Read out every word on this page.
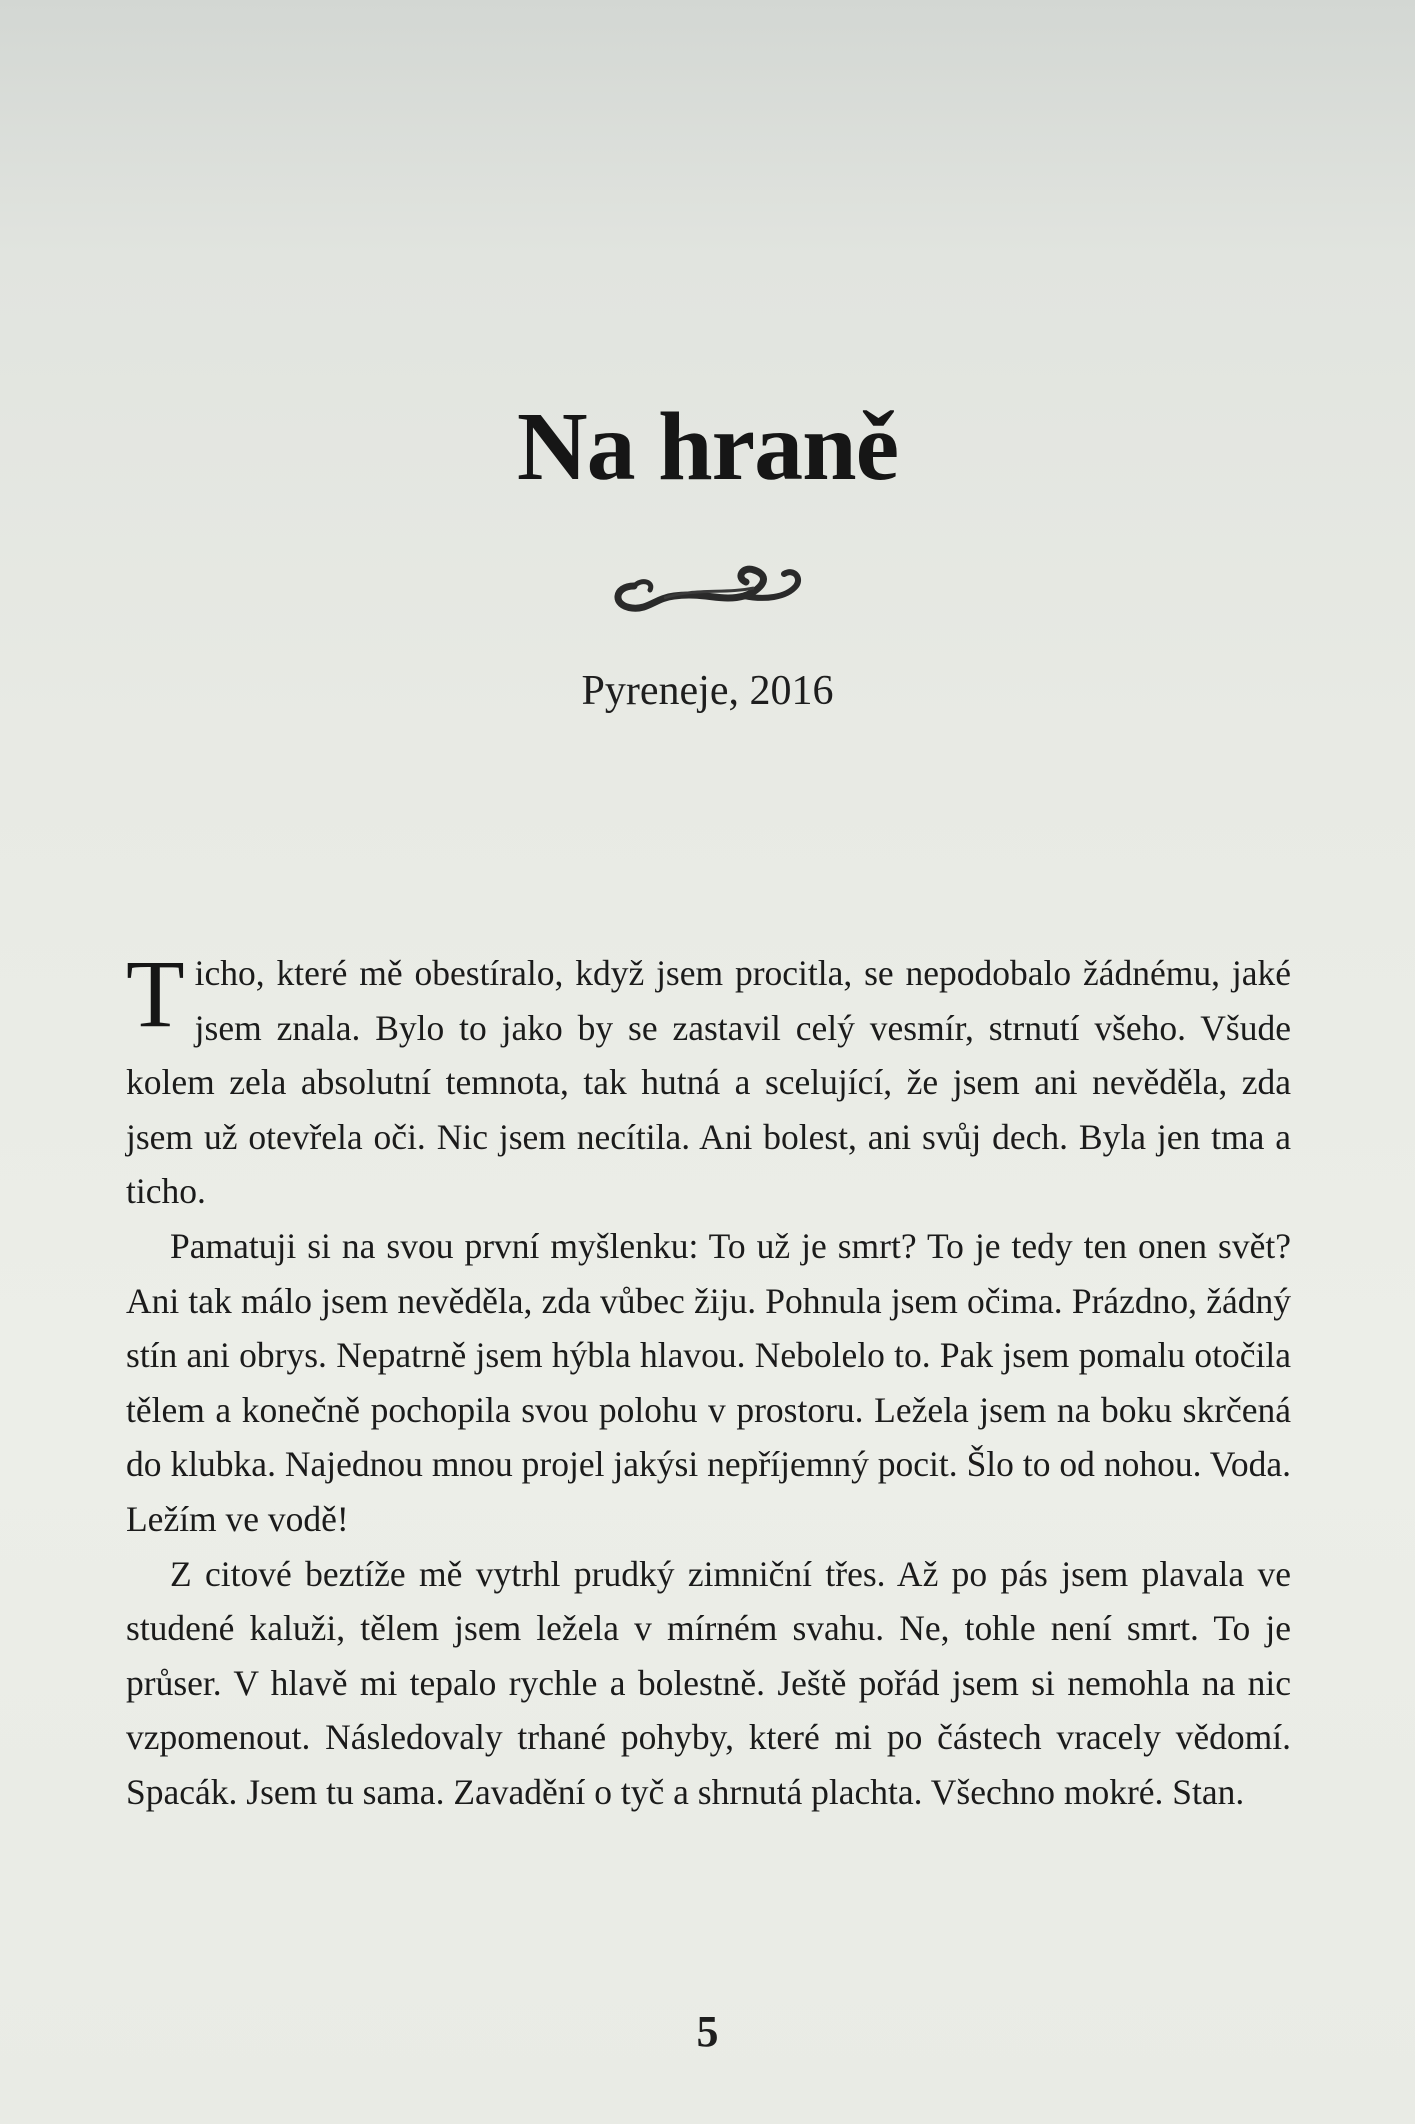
Na hraně
Pyreneje, 2016

Ticho, které mě obestíralo, když jsem procitla, se nepodobalo žádnému, jaké jsem znala. Bylo to jako by se zastavil celý vesmír, strnutí všeho. Všude kolem zela absolutní temnota, tak hutná a scelující, že jsem ani nevěděla, zda jsem už otevřela oči. Nic jsem necítila. Ani bolest, ani svůj dech. Byla jen tma a ticho.

Pamatuji si na svou první myšlenku: To už je smrt? To je tedy ten onen svět? Ani tak málo jsem nevěděla, zda vůbec žiju. Pohnula jsem očima. Prázdno, žádný stín ani obrys. Nepatrně jsem hýbla hlavou. Nebolelo to. Pak jsem pomalu otočila tělem a konečně pochopila svou polohu v prostoru. Ležela jsem na boku skrčená do klubka. Najednou mnou projel jakýsi nepříjemný pocit. Šlo to od nohou. Voda. Ležím ve vodě!

Z citové beztíže mě vytrhl prudký zimniční třes. Až po pás jsem plavala ve studené kaluži, tělem jsem ležela v mírném svahu. Ne, tohle není smrt. To je průser. V hlavě mi tepalo rychle a bolestně. Ještě pořád jsem si nemohla na nic vzpomenout. Následovaly trhané pohyby, které mi po částech vracely vědomí. Spacák. Jsem tu sama. Zavadění o tyč a shrnutá plachta. Všechno mokré. Stan.

5
